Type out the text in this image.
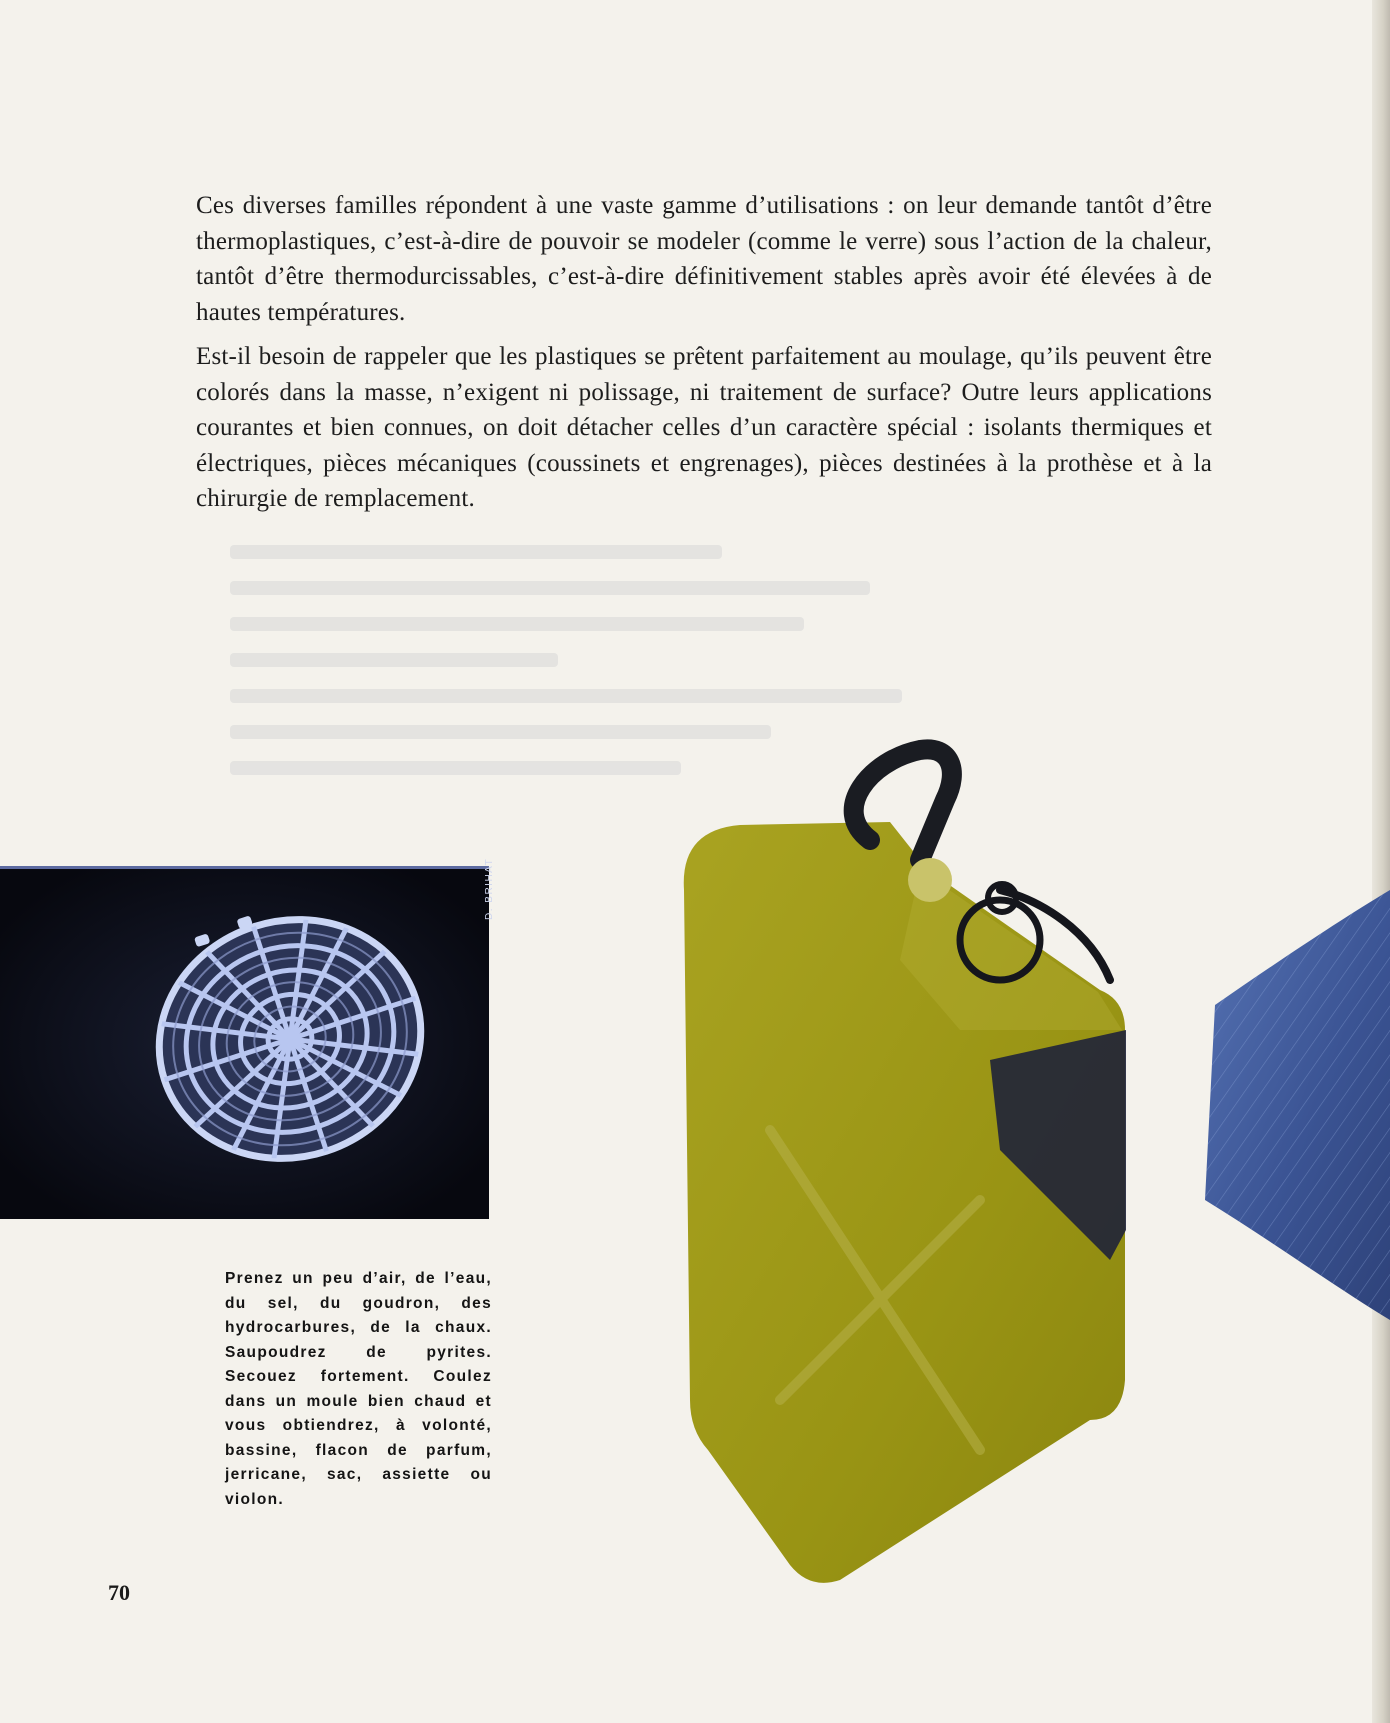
Ces diverses familles répondent à une vaste gamme d’utilisations : on leur demande tantôt d’être thermoplastiques, c’est-à-dire de pouvoir se modeler (comme le verre) sous l’action de la chaleur, tantôt d’être thermodurcissables, c’est-à-dire définitivement stables après avoir été élevées à de hautes températures.

Est-il besoin de rappeler que les plastiques se prêtent parfaitement au moulage, qu’ils peuvent être colorés dans la masse, n’exigent ni polissage, ni traitement de surface? Outre leurs applications courantes et bien connues, on doit détacher celles d’un caractère spécial : isolants thermiques et électriques, pièces mécaniques (coussinets et engrenages), pièces destinées à la prothèse et à la chirurgie de remplacement.

D. BRIHAT
Prenez un peu d’air, de l’eau, du sel, du goudron, des hydrocarbures, de la chaux. Saupoudrez de pyrites. Secouez fortement. Coulez dans un moule bien chaud et vous obtiendrez, à volonté, bassine, flacon de parfum, jerricane, sac, assiette ou violon.
70
